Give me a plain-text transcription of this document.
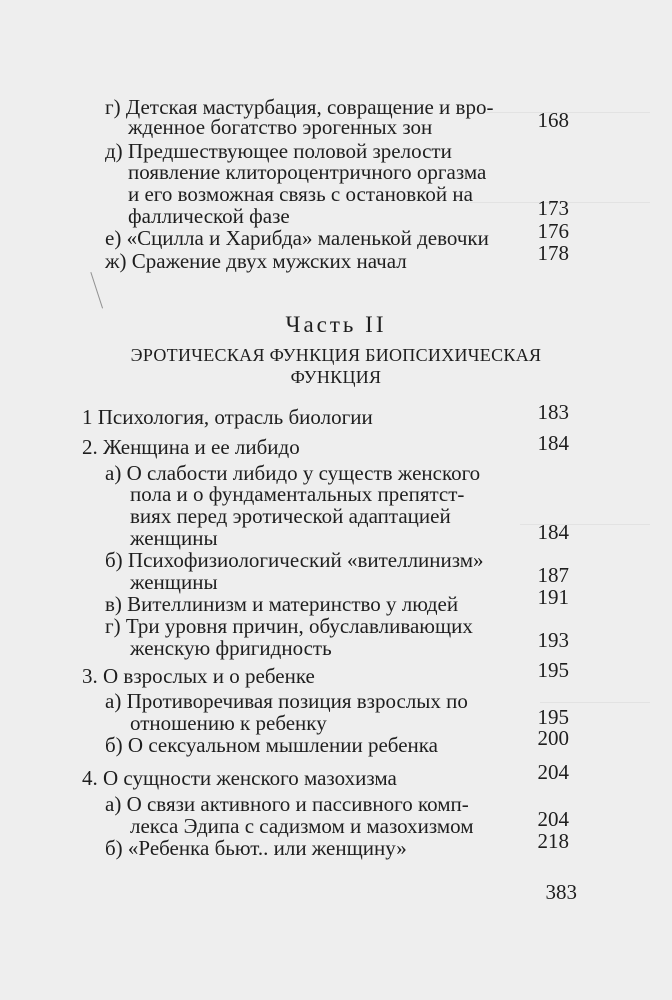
г) Детская мастурбация, совращение и вро-
жденное богатство эрогенных зон	168
д) Предшествующее половой зрелости
появление клитороцентричного оргазма
и его возможная связь с остановкой на
фаллической фазе	173
е) «Сцилла и Харибда» маленькой девочки 176
ж) Сражение двух мужских начал	178
Часть II
ЭРОТИЧЕСКАЯ ФУНКЦИЯ БИОПСИХИЧЕСКАЯ
ФУНКЦИЯ
1 Психология, отрасль биологии	183
2. Женщина и ее либидо	184
а) О слабости либидо у существ женского
пола и о фундаментальных препятст-
виях перед эротической адаптацией
женщины	184
б) Психофизиологический «вителлинизм»
женщины	187
в) Вителлинизм и материнство у людей	191
г) Три уровня причин, обуславливающих
женскую фригидность	193
3. О взрослых и о ребенке	195
а) Противоречивая позиция взрослых по
отношению к ребенку	195
б) О сексуальном мышлении ребенка	200
4. О сущности женского мазохизма	204
а) О связи активного и пассивного комп-
лекса Эдипа с садизмом и мазохизмом	204
б) «Ребенка бьют.. или женщину»	218
383
